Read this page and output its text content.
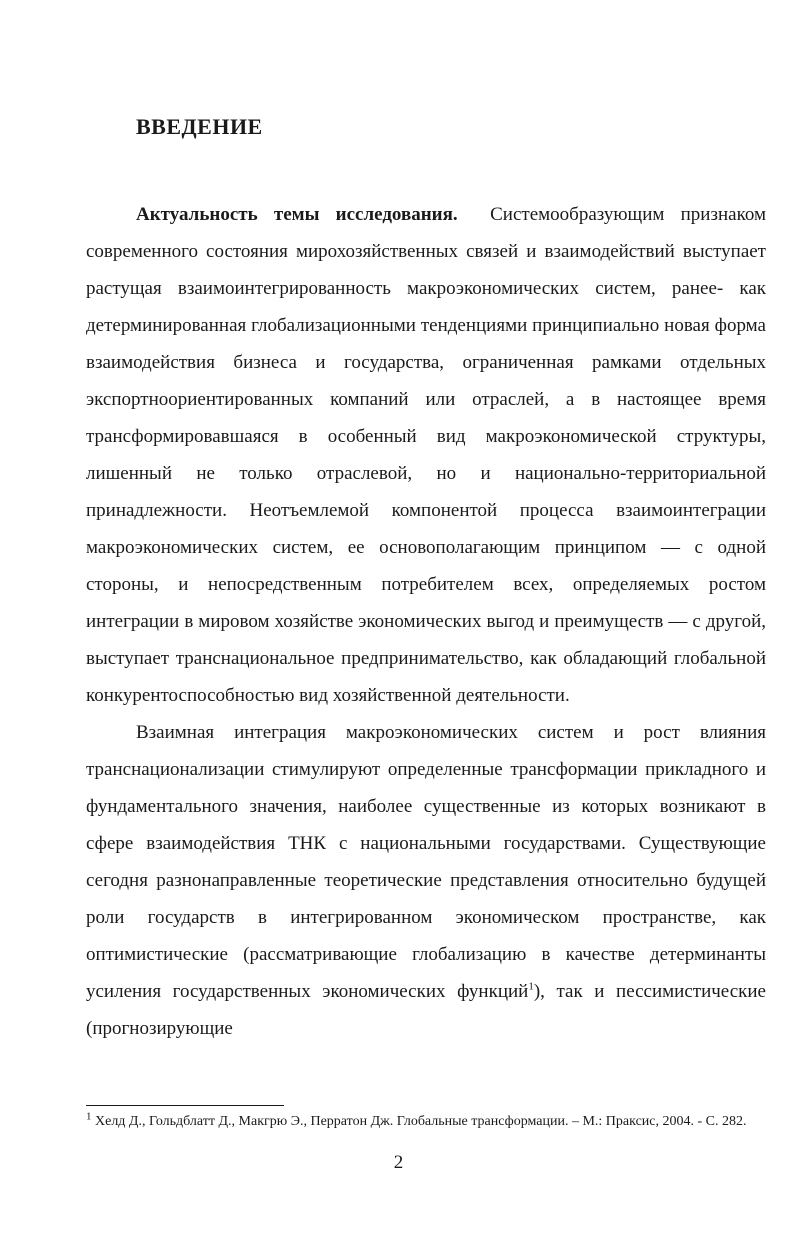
ВВЕДЕНИЕ

Актуальность темы исследования. Системообразующим признаком современного состояния мирохозяйственных связей и взаимодействий выступает растущая взаимоинтегрированность макроэкономических систем, ранее- как детерминированная глобализационными тенденциями принципиально новая форма взаимодействия бизнеса и государства, ограниченная рамками отдельных экспортноориентированных компаний или отраслей, а в настоящее время трансформировавшаяся в особенный вид макроэкономической структуры, лишенный не только отраслевой, но и национально-территориальной принадлежности. Неотъемлемой компонентой процесса взаимоинтеграции макроэкономических систем, ее основополагающим принципом — с одной стороны, и непосредственным потребителем всех, определяемых ростом интеграции в мировом хозяйстве экономических выгод и преимуществ — с другой, выступает транснациональное предпринимательство, как обладающий глобальной конкурентоспособностью вид хозяйственной деятельности.

Взаимная интеграция макроэкономических систем и рост влияния транснационализации стимулируют определенные трансформации прикладного и фундаментального значения, наиболее существенные из которых возникают в сфере взаимодействия ТНК с национальными государствами. Существующие сегодня разнонаправленные теоретические представления относительно будущей роли государств в интегрированном экономическом пространстве, как оптимистические (рассматривающие глобализацию в качестве детерминанты усиления государственных экономических функций$^1$), так и пессимистические (прогнозирующие

$^1$ Хелд Д., Гольдблатт Д., Макгрю Э., Перратон Дж. Глобальные трансформации. – М.: Праксис, 2004. - С. 282.

2
